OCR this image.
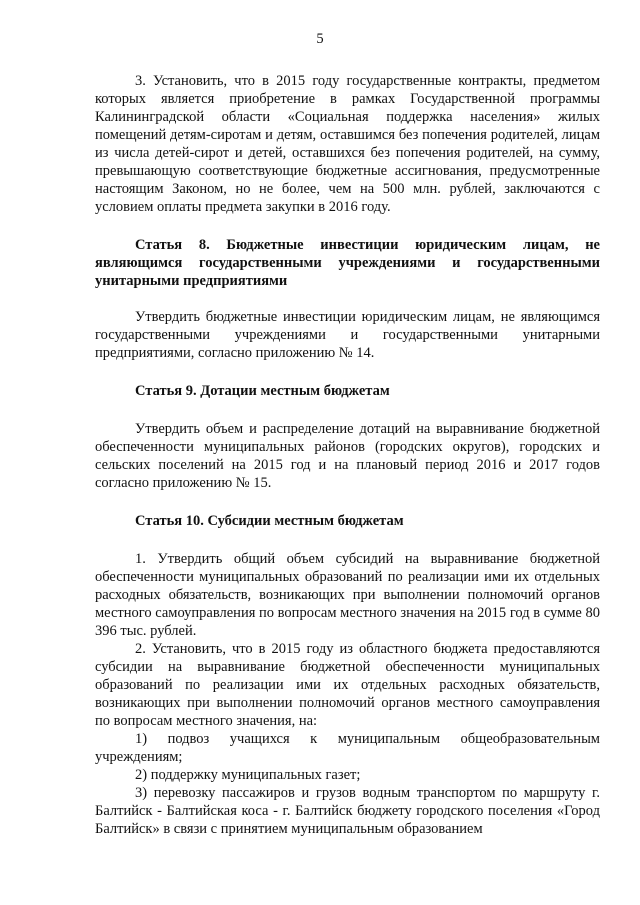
5

3. Установить, что в 2015 году государственные контракты, предметом которых является приобретение в рамках Государственной программы Калининградской области «Социальная поддержка населения» жилых помещений детям-сиротам и детям, оставшимся без попечения родителей, лицам из числа детей-сирот и детей, оставшихся без попечения родителей, на сумму, превышающую соответствующие бюджетные ассигнования, предусмотренные настоящим Законом, но не более, чем на 500 млн. рублей, заключаются с условием оплаты предмета закупки в 2016 году.

Статья 8. Бюджетные инвестиции юридическим лицам, не являющимся государственными учреждениями и государственными унитарными предприятиями

Утвердить бюджетные инвестиции юридическим лицам, не являющимся государственными учреждениями и государственными унитарными предприятиями, согласно приложению № 14.

Статья 9. Дотации местным бюджетам

Утвердить объем и распределение дотаций на выравнивание бюджетной обеспеченности муниципальных районов (городских округов), городских и сельских поселений на 2015 год и на плановый период 2016 и 2017 годов согласно приложению № 15.

Статья 10. Субсидии местным бюджетам

1. Утвердить общий объем субсидий на выравнивание бюджетной обеспеченности муниципальных образований по реализации ими их отдельных расходных обязательств, возникающих при выполнении полномочий органов местного самоуправления по вопросам местного значения на 2015 год в сумме 80 396 тыс. рублей.

2. Установить, что в 2015 году из областного бюджета предоставляются субсидии на выравнивание бюджетной обеспеченности муниципальных образований по реализации ими их отдельных расходных обязательств, возникающих при выполнении полномочий органов местного самоуправления по вопросам местного значения, на:

1) подвоз учащихся к муниципальным общеобразовательным учреждениям;

2) поддержку муниципальных газет;

3) перевозку пассажиров и грузов водным транспортом по маршруту г. Балтийск - Балтийская коса - г. Балтийск бюджету городского поселения «Город Балтийск» в связи с принятием муниципальным образованием
